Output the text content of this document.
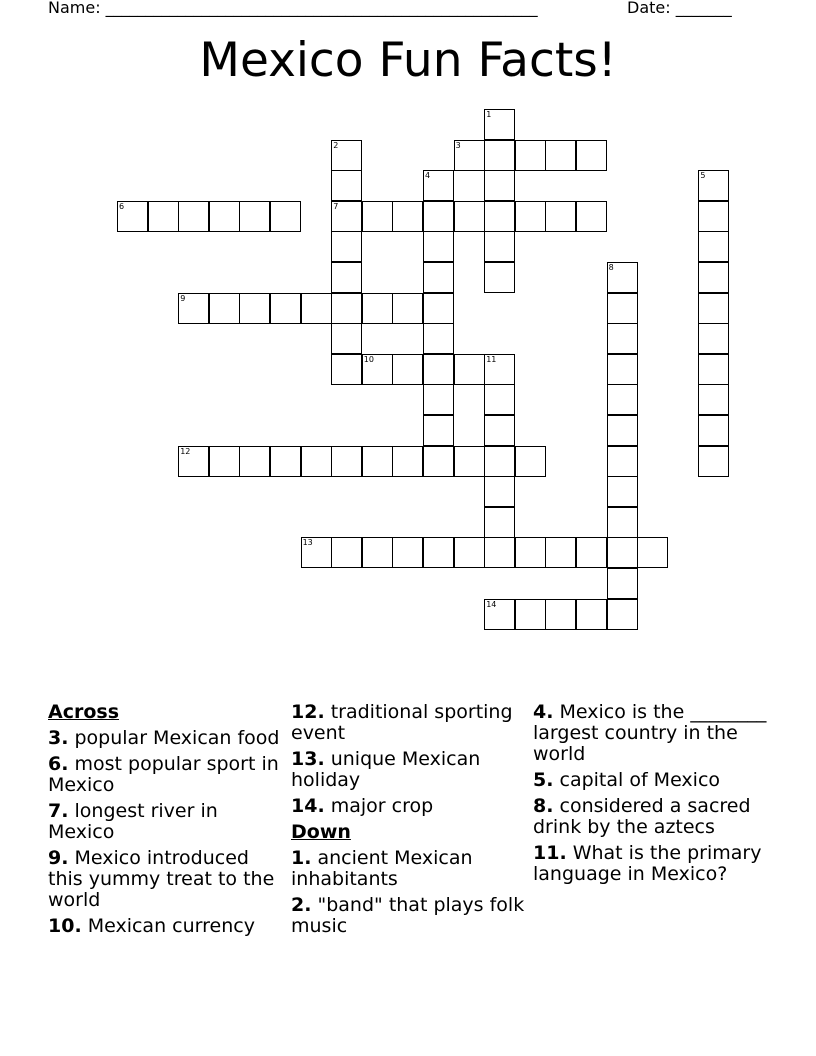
Name: ______________________________________________________	Date: _______
Mexico Fun Facts!
1
2	3
4	5
6	7
8
9
10	11
12
13
14
Across
3. popular Mexican food
6. most popular sport in Mexico
7. longest river in Mexico
9. Mexico introduced this yummy treat to the world
10. Mexican currency
12. traditional sporting event
13. unique Mexican holiday
14. major crop
Down
1. ancient Mexican inhabitants
2. "band" that plays folk music
4. Mexico is the ________ largest country in the world
5. capital of Mexico
8. considered a sacred drink by the aztecs
11. What is the primary language in Mexico?
